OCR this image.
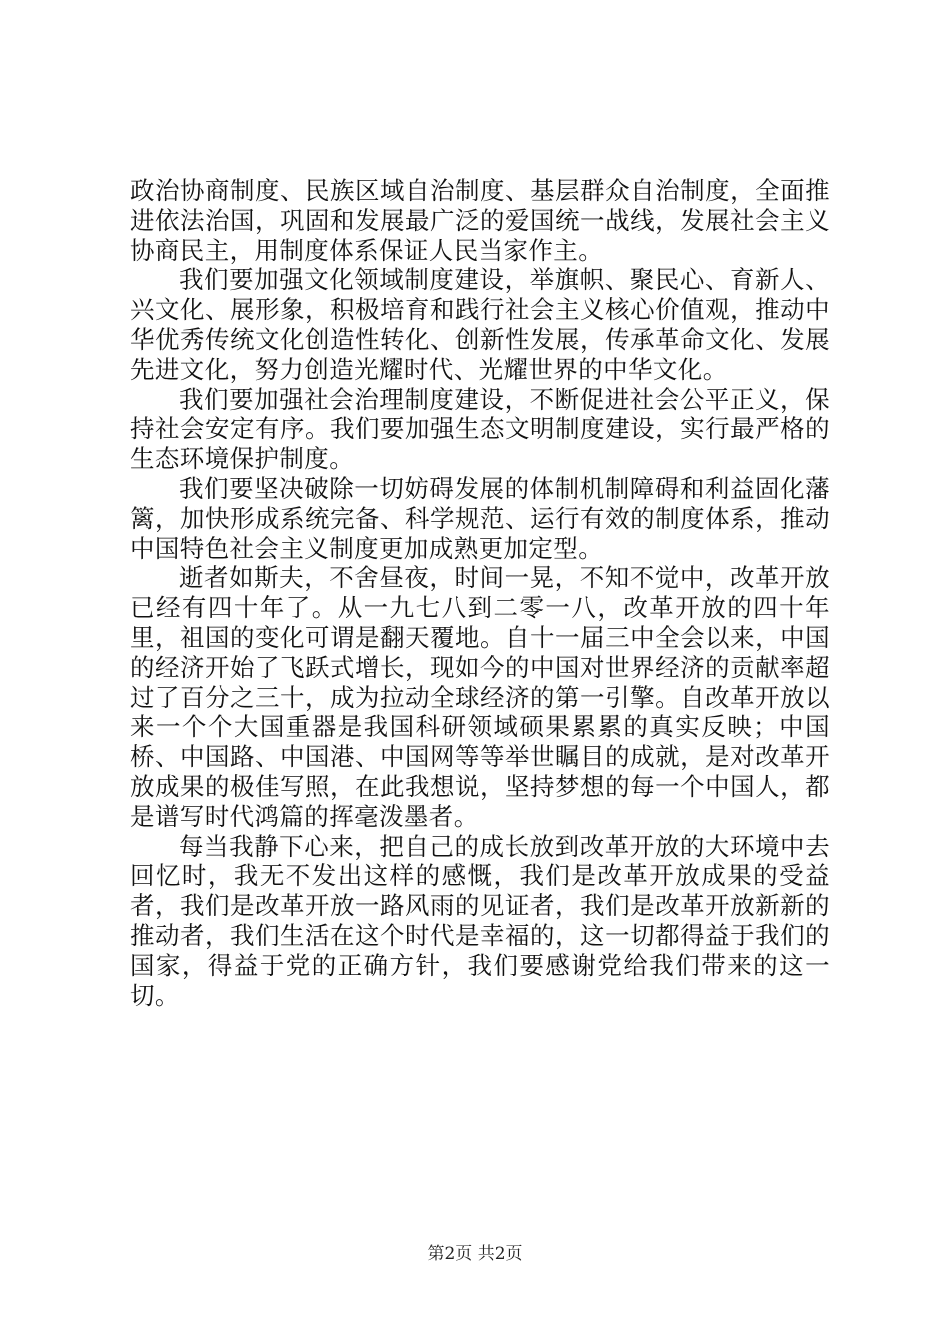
政治协商制度、民族区域自治制度、基层群众自治制度，全面推进依法治国，巩固和发展最广泛的爱国统一战线，发展社会主义协商民主，用制度体系保证人民当家作主。

我们要加强文化领域制度建设，举旗帜、聚民心、育新人、兴文化、展形象，积极培育和践行社会主义核心价值观，推动中华优秀传统文化创造性转化、创新性发展，传承革命文化、发展先进文化，努力创造光耀时代、光耀世界的中华文化。

我们要加强社会治理制度建设，不断促进社会公平正义，保持社会安定有序。我们要加强生态文明制度建设，实行最严格的生态环境保护制度。

我们要坚决破除一切妨碍发展的体制机制障碍和利益固化藩篱，加快形成系统完备、科学规范、运行有效的制度体系，推动中国特色社会主义制度更加成熟更加定型。

逝者如斯夫，不舍昼夜，时间一晃，不知不觉中，改革开放已经有四十年了。从一九七八到二零一八，改革开放的四十年里，祖国的变化可谓是翻天覆地。自十一届三中全会以来，中国的经济开始了飞跃式增长，现如今的中国对世界经济的贡献率超过了百分之三十，成为拉动全球经济的第一引擎。自改革开放以来一个个大国重器是我国科研领域硕果累累的真实反映；中国桥、中国路、中国港、中国网等等举世瞩目的成就，是对改革开放成果的极佳写照，在此我想说，坚持梦想的每一个中国人，都是谱写时代鸿篇的挥毫泼墨者。

每当我静下心来，把自己的成长放到改革开放的大环境中去回忆时，我无不发出这样的感慨，我们是改革开放成果的受益者，我们是改革开放一路风雨的见证者，我们是改革开放新新的推动者，我们生活在这个时代是幸福的，这一切都得益于我们的国家，得益于党的正确方针，我们要感谢党给我们带来的这一切。

第2页 共2页
